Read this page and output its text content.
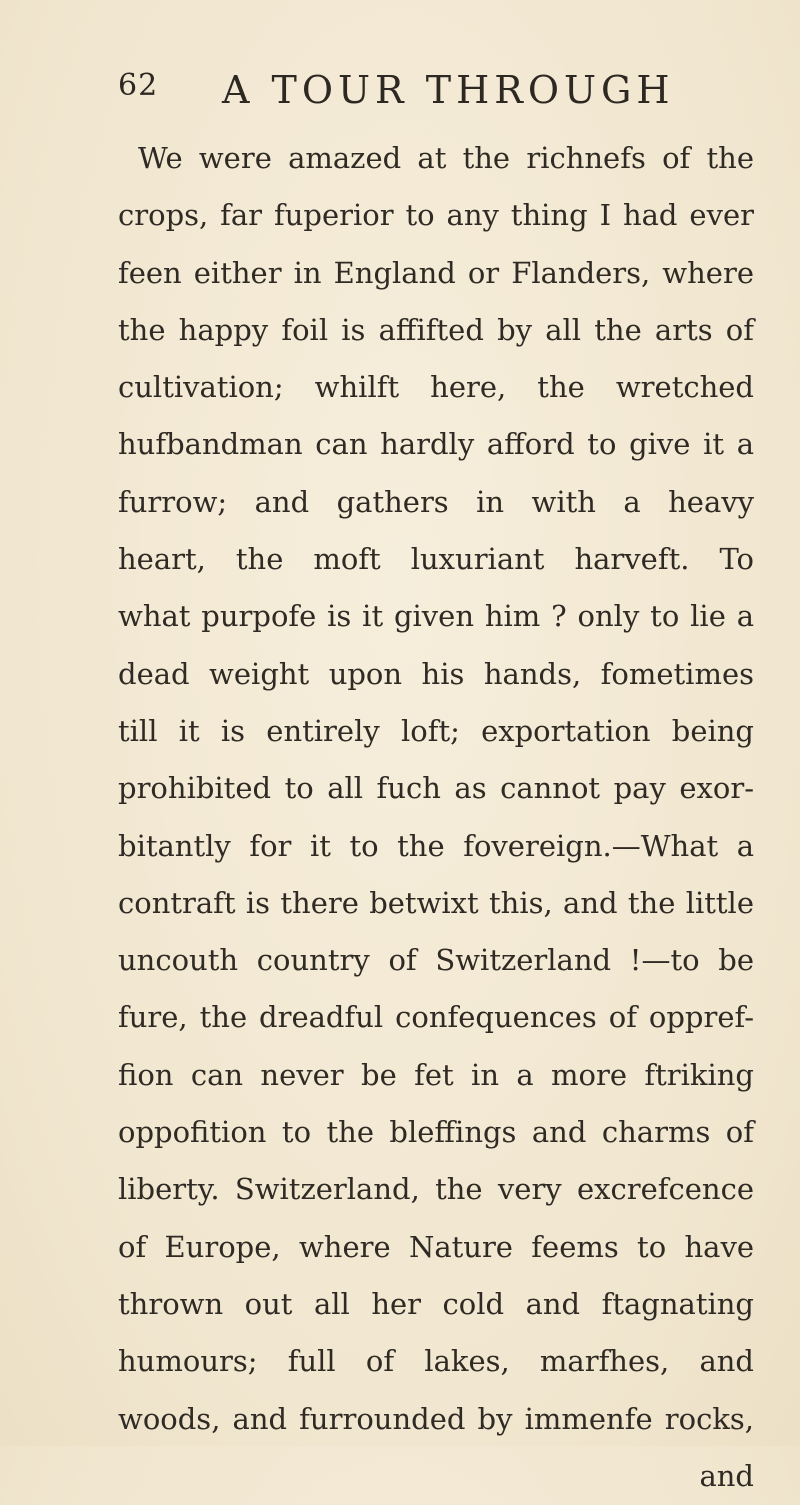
62 A TOUR THROUGH
We were amazed at the richnefs of the
crops, far fuperior to any thing I had ever
feen either in England or Flanders, where
the happy foil is affifted by all the arts of
cultivation; whilft here, the wretched
hufbandman can hardly afford to give it a
furrow; and gathers in with a heavy
heart, the moft luxuriant harveft. To
what purpofe is it given him ? only to lie a
dead weight upon his hands, fometimes
till it is entirely loft; exportation being
prohibited to all fuch as cannot pay exor-
bitantly for it to the fovereign.—What a
contraft is there betwixt this, and the little
uncouth country of Switzerland !—to be
fure, the dreadful confequences of oppref-
fion can never be fet in a more ftriking
oppofition to the bleffings and charms of
liberty. Switzerland, the very excrefcence
of Europe, where Nature feems to have
thrown out all her cold and ftagnating
humours; full of lakes, marfhes, and
woods, and furrounded by immenfe rocks,
and
